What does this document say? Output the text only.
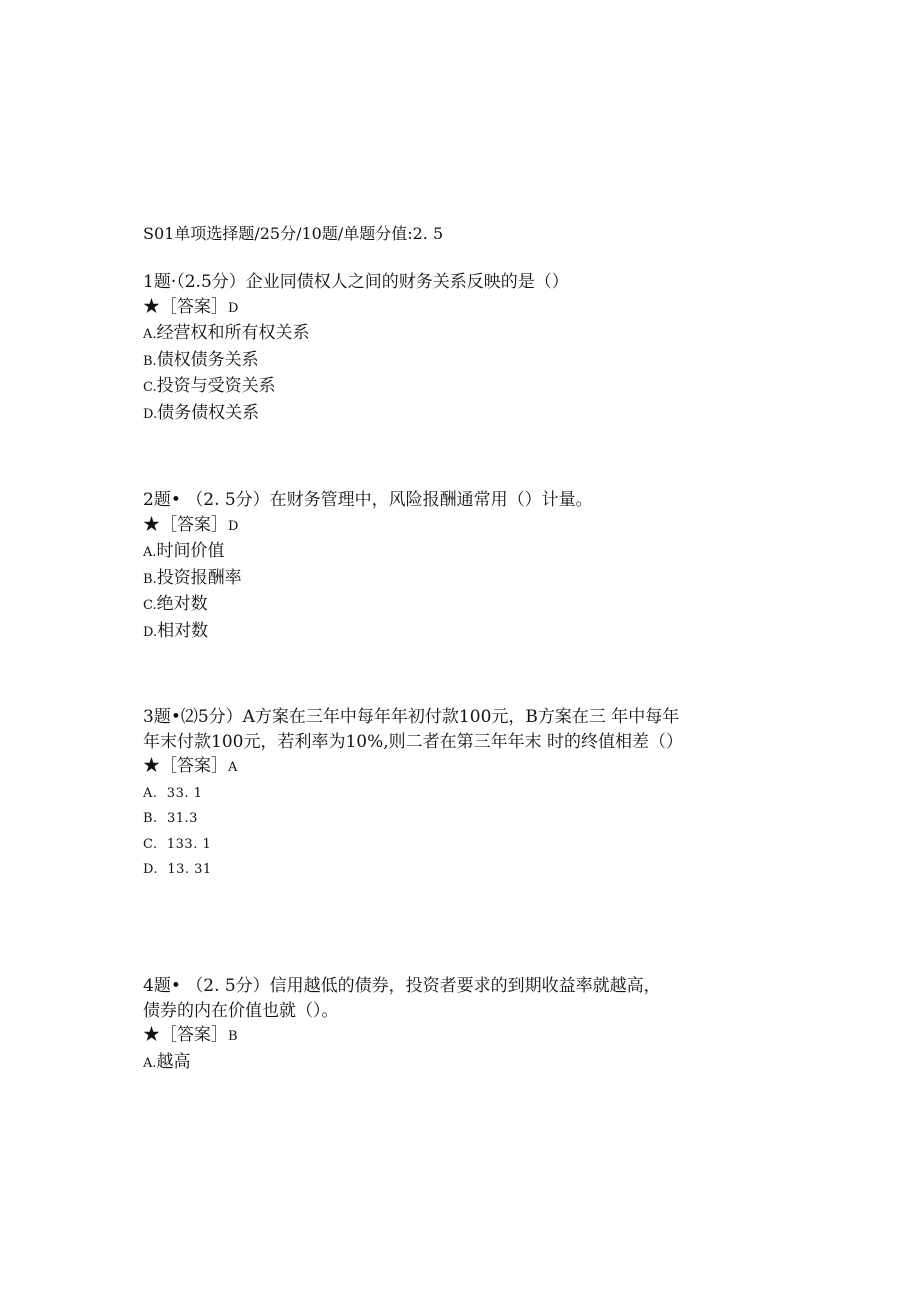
S01单项选择题/25分/10题/单题分值:2. 5

1题·（2.5分）企业同债权人之间的财务关系反映的是（）

★［答案］D
A.经营权和所有权关系
B.债权债务关系
C.投资与受资关系
D.债务债权关系

2题• （2. 5分）在财务管理中，风险报酬通常用（）计量。

★［答案］D
A.时间价值
B.投资报酬率
C.绝对数
D.相对数

3题•⑵5分）A方案在三年中每年年初付款100元，B方案在三 年中每年年末付款100元，若利率为10%,则二者在第三年年末 时的终值相差（）

★［答案］A
A.  33. 1
B.  31.3
C.  133. 1
D.  13. 31

4题• （2. 5分）信用越低的债券，投资者要求的到期收益率就越高，债券的内在价值也就（）。

★［答案］B
A.越高
